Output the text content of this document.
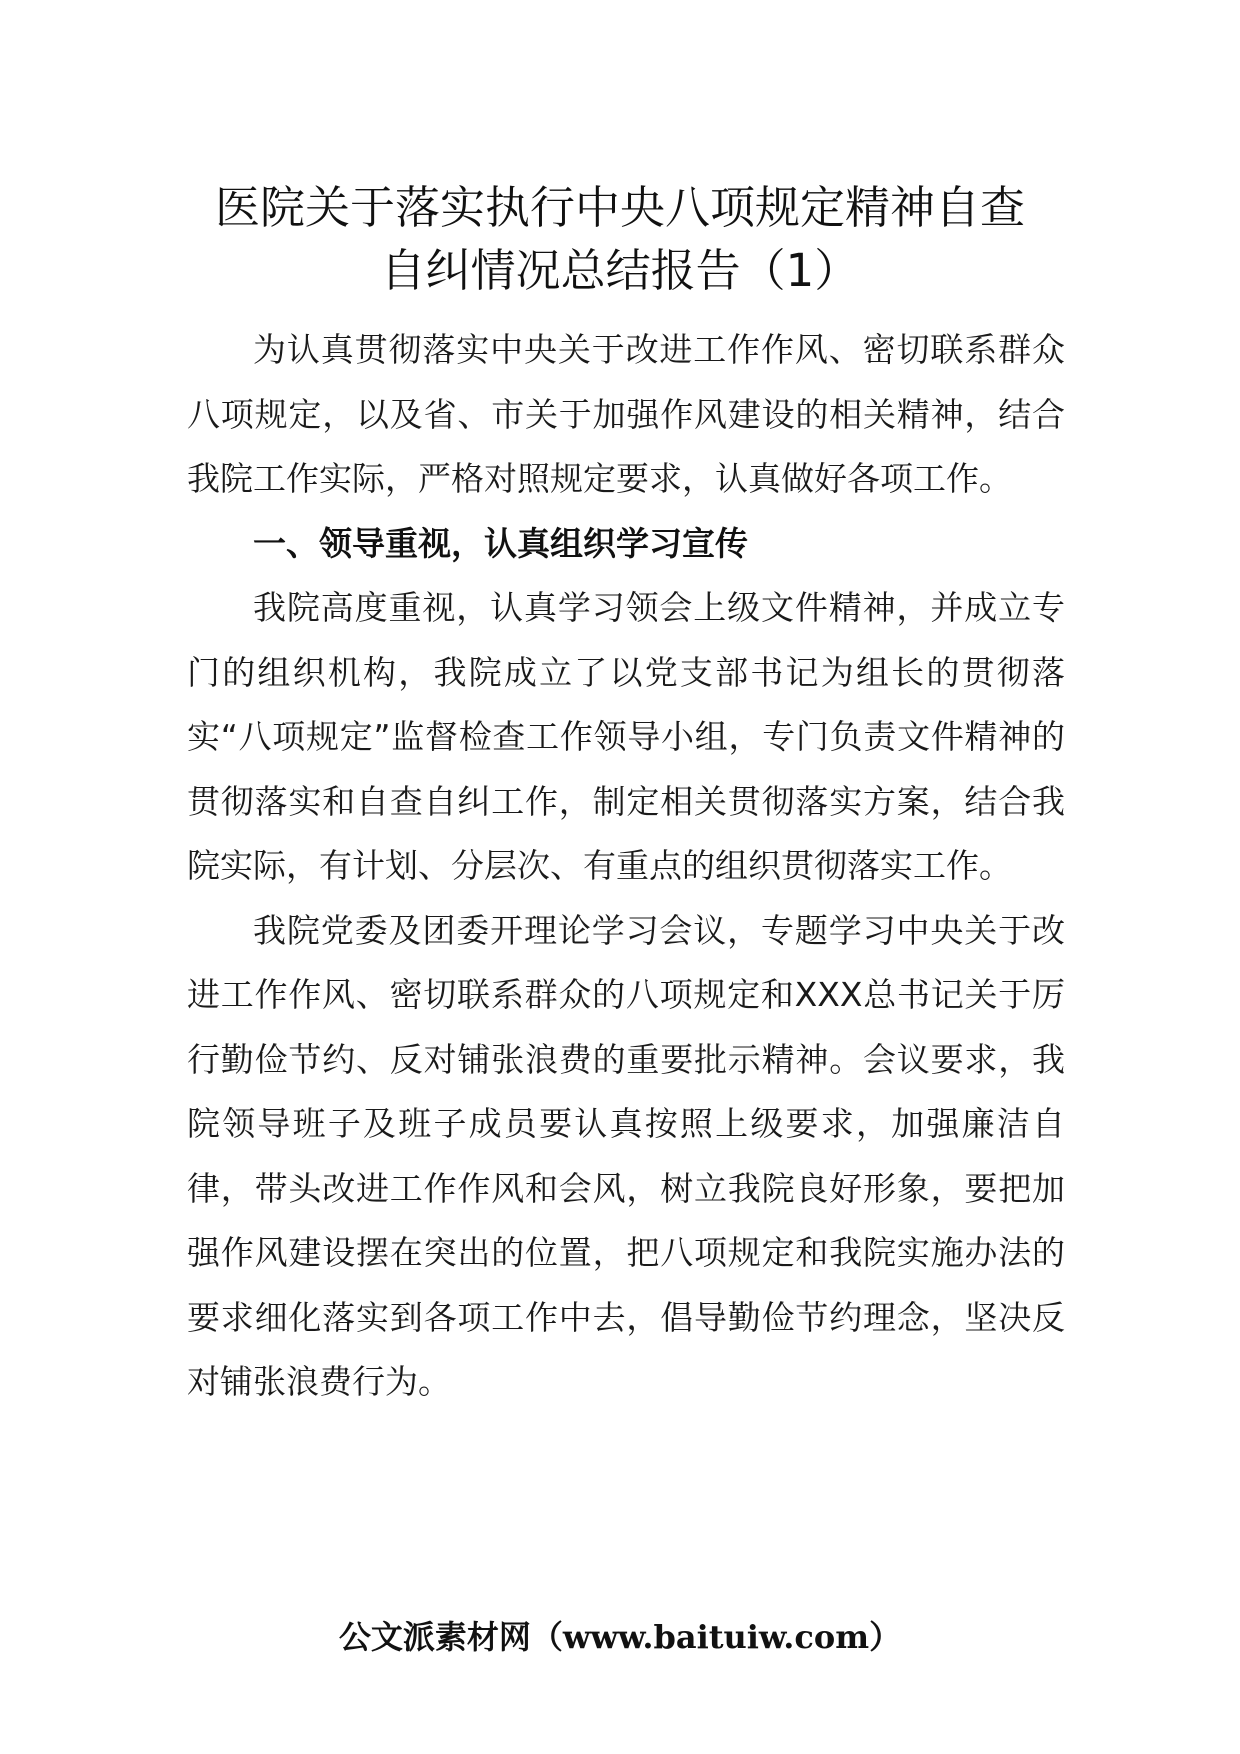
医院关于落实执行中央八项规定精神自查
自纠情况总结报告（1）

为认真贯彻落实中央关于改进工作作风、密切联系群众八项规定，以及省、市关于加强作风建设的相关精神，结合我院工作实际，严格对照规定要求，认真做好各项工作。

一、领导重视，认真组织学习宣传

我院高度重视，认真学习领会上级文件精神，并成立专门的组织机构，我院成立了以党支部书记为组长的贯彻落实“八项规定”监督检查工作领导小组，专门负责文件精神的贯彻落实和自查自纠工作，制定相关贯彻落实方案，结合我院实际，有计划、分层次、有重点的组织贯彻落实工作。

我院党委及团委开理论学习会议，专题学习中央关于改进工作作风、密切联系群众的八项规定和XXX总书记关于厉行勤俭节约、反对铺张浪费的重要批示精神。会议要求，我院领导班子及班子成员要认真按照上级要求，加强廉洁自律，带头改进工作作风和会风，树立我院良好形象，要把加强作风建设摆在突出的位置，把八项规定和我院实施办法的要求细化落实到各项工作中去，倡导勤俭节约理念，坚决反对铺张浪费行为。

公文派素材网（www.baituiw.com）
